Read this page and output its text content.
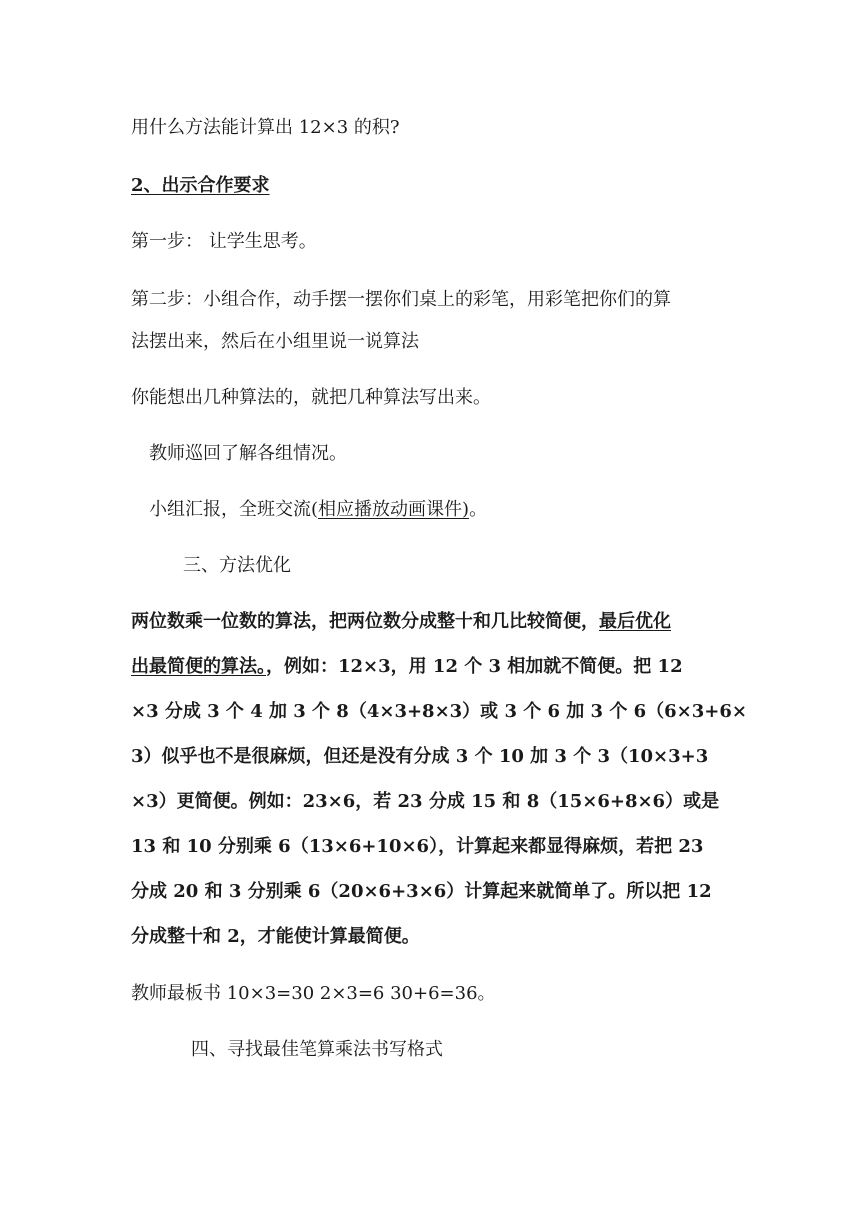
用什么方法能计算出 12×3 的积?
2、出示合作要求
第一步： 让学生思考。
第二步：小组合作，动手摆一摆你们桌上的彩笔，用彩笔把你们的算
法摆出来，然后在小组里说一说算法
你能想出几种算法的，就把几种算法写出来。
教师巡回了解各组情况。
小组汇报，全班交流(相应播放动画课件)。
三、方法优化
两位数乘一位数的算法，把两位数分成整十和几比较简便，最后优化
出最简便的算法。，例如：12×3，用 12 个 3 相加就不简便。把 12
×3 分成 3 个 4 加 3 个 8（4×3+8×3）或 3 个 6 加 3 个 6（6×3+6×
3）似乎也不是很麻烦，但还是没有分成 3 个 10 加 3 个 3（10×3+3
×3）更简便。例如：23×6，若 23 分成 15 和 8（15×6+8×6）或是
13 和 10 分别乘 6（13×6+10×6），计算起来都显得麻烦，若把 23
分成 20 和 3 分别乘 6（20×6+3×6）计算起来就简单了。所以把 12
分成整十和 2，才能使计算最简便。
教师最板书 10×3=30 2×3=6 30+6=36。
四、寻找最佳笔算乘法书写格式
